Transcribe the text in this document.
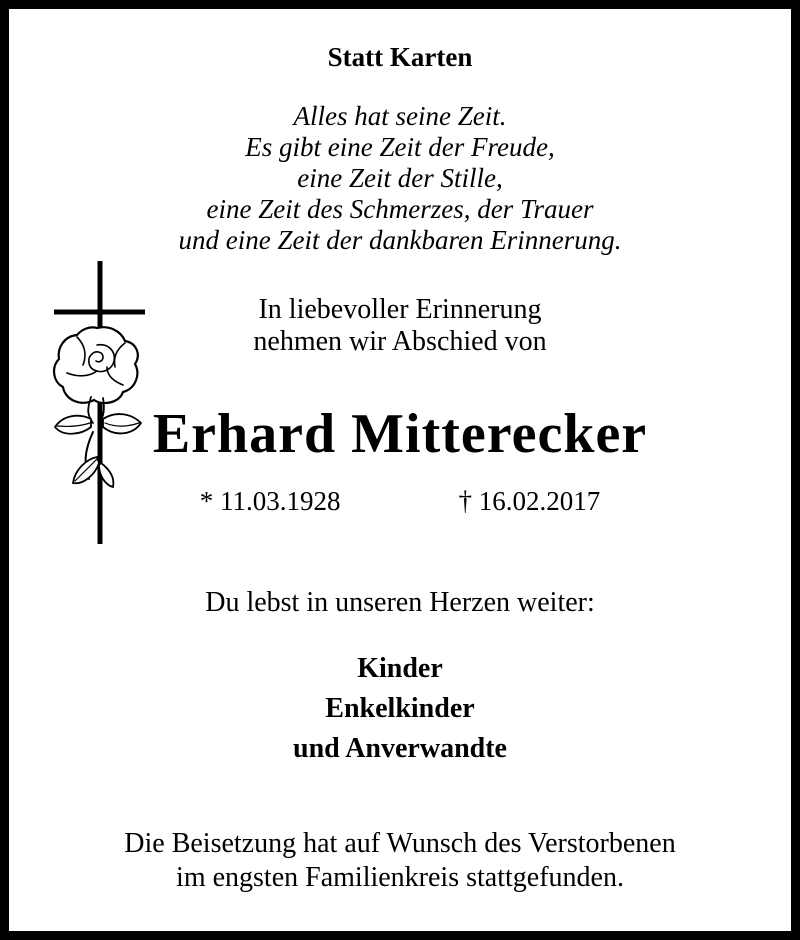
Statt Karten
Alles hat seine Zeit.
Es gibt eine Zeit der Freude,
eine Zeit der Stille,
eine Zeit des Schmerzes, der Trauer
und eine Zeit der dankbaren Erinnerung.
In liebevoller Erinnerung
nehmen wir Abschied von
Erhard Mitterecker
* 11.03.1928	† 16.02.2017
Du lebst in unseren Herzen weiter:
Kinder
Enkelkinder
und Anverwandte
Die Beisetzung hat auf Wunsch des Verstorbenen
im engsten Familienkreis stattgefunden.
